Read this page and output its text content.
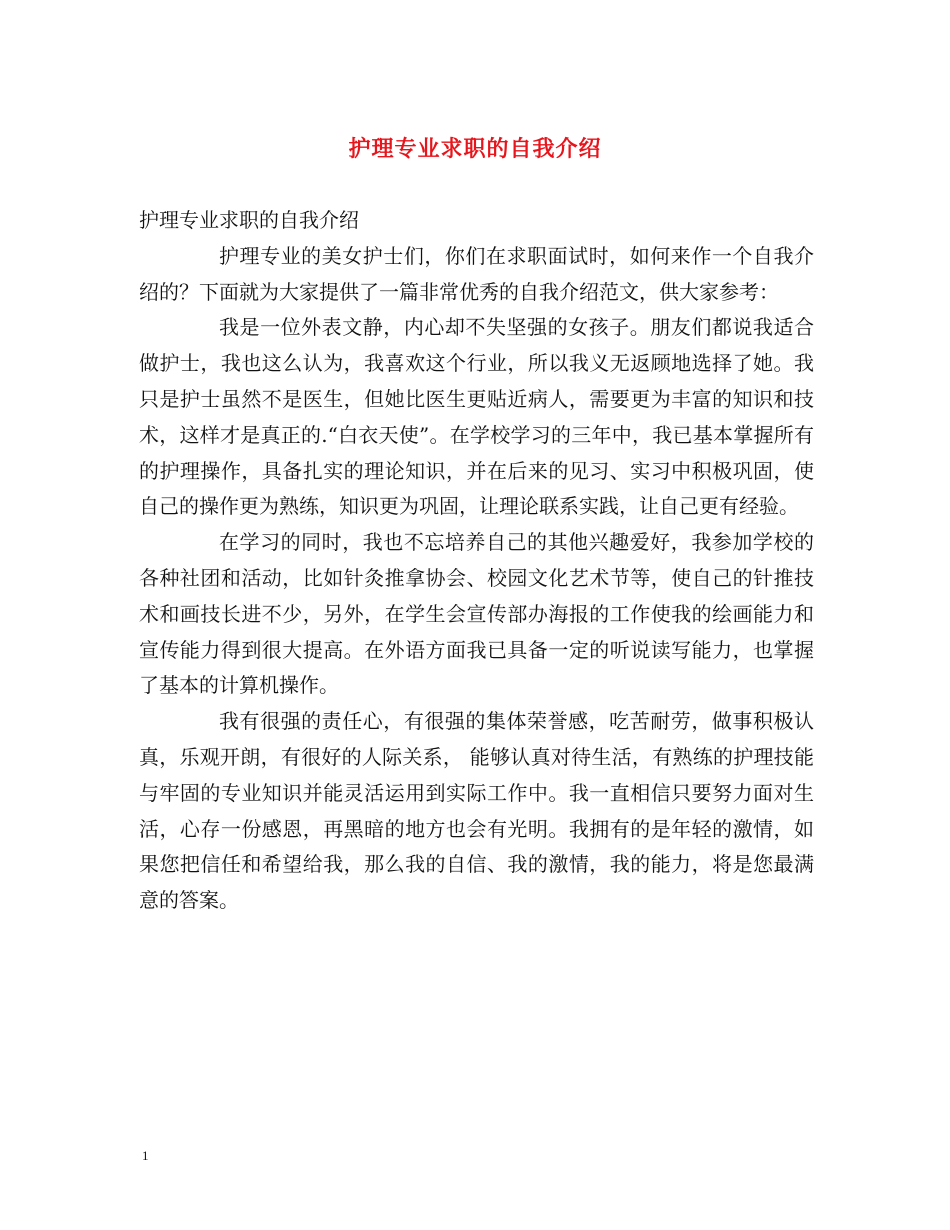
护理专业求职的自我介绍

护理专业求职的自我介绍

护理专业的美女护士们，你们在求职面试时，如何来作一个自我介绍的？下面就为大家提供了一篇非常优秀的自我介绍范文，供大家参考：

我是一位外表文静，内心却不失坚强的女孩子。朋友们都说我适合做护士，我也这么认为，我喜欢这个行业，所以我义无返顾地选择了她。我只是护士虽然不是医生，但她比医生更贴近病人，需要更为丰富的知识和技术，这样才是真正的.“白衣天使”。在学校学习的三年中，我已基本掌握所有的护理操作，具备扎实的理论知识，并在后来的见习、实习中积极巩固，使自己的操作更为熟练，知识更为巩固，让理论联系实践，让自己更有经验。

在学习的同时，我也不忘培养自己的其他兴趣爱好，我参加学校的各种社团和活动，比如针灸推拿协会、校园文化艺术节等，使自己的针推技术和画技长进不少，另外，在学生会宣传部办海报的工作使我的绘画能力和宣传能力得到很大提高。在外语方面我已具备一定的听说读写能力，也掌握了基本的计算机操作。

我有很强的责任心，有很强的集体荣誉感，吃苦耐劳，做事积极认真，乐观开朗，有很好的人际关系， 能够认真对待生活，有熟练的护理技能与牢固的专业知识并能灵活运用到实际工作中。我一直相信只要努力面对生活，心存一份感恩，再黑暗的地方也会有光明。我拥有的是年轻的激情，如果您把信任和希望给我，那么我的自信、我的激情，我的能力，将是您最满意的答案。

1
